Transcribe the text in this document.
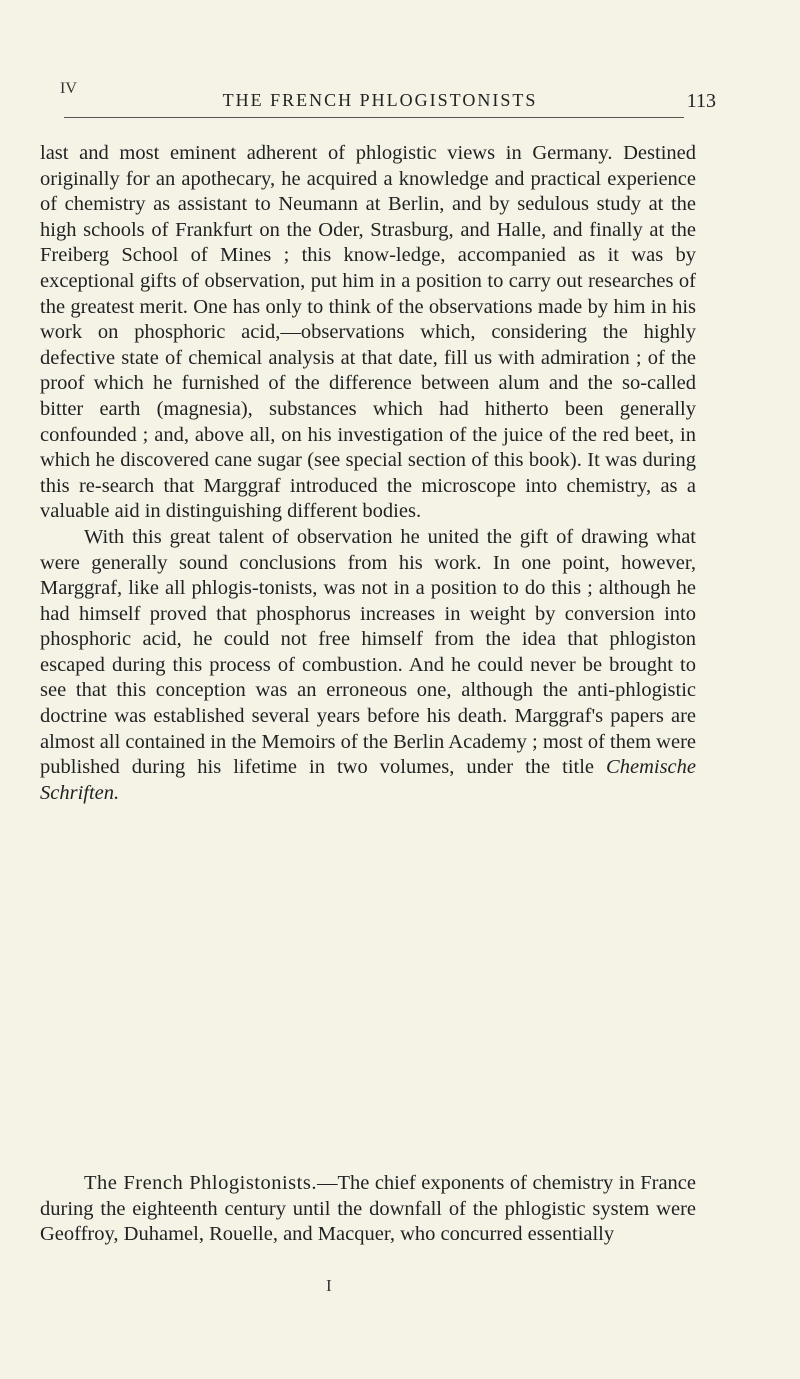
IV
THE FRENCH PHLOGISTONISTS	113

last and most eminent adherent of phlogistic views in Germany. Destined originally for an apothecary, he acquired a knowledge and practical experience of chemistry as assistant to Neumann at Berlin, and by sedulous study at the high schools of Frankfurt on the Oder, Strasburg, and Halle, and finally at the Freiberg School of Mines ; this know-ledge, accompanied as it was by exceptional gifts of observation, put him in a position to carry out researches of the greatest merit. One has only to think of the observations made by him in his work on phosphoric acid,—observations which, considering the highly defective state of chemical analysis at that date, fill us with admiration ; of the proof which he furnished of the difference between alum and the so-called bitter earth (magnesia), substances which had hitherto been generally confounded ; and, above all, on his investigation of the juice of the red beet, in which he discovered cane sugar (see special section of this book). It was during this re-search that Marggraf introduced the microscope into chemistry, as a valuable aid in distinguishing different bodies.

With this great talent of observation he united the gift of drawing what were generally sound conclusions from his work. In one point, however, Marggraf, like all phlogis-tonists, was not in a position to do this ; although he had himself proved that phosphorus increases in weight by conversion into phosphoric acid, he could not free himself from the idea that phlogiston escaped during this process of combustion. And he could never be brought to see that this conception was an erroneous one, although the anti-phlogistic doctrine was established several years before his death. Marggraf's papers are almost all contained in the Memoirs of the Berlin Academy ; most of them were published during his lifetime in two volumes, under the title Chemische Schriften.

The French Phlogistonists.—The chief exponents of chemistry in France during the eighteenth century until the downfall of the phlogistic system were Geoffroy, Duhamel, Rouelle, and Macquer, who concurred essentially

I
